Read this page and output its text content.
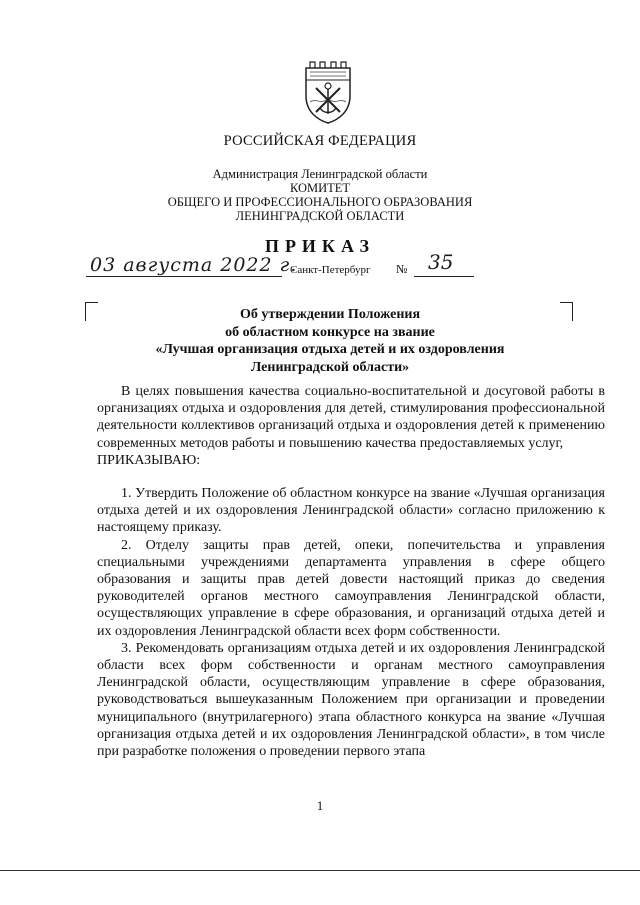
РОССИЙСКАЯ ФЕДЕРАЦИЯ
Администрация Ленинградской области
КОМИТЕТ
ОБЩЕГО И ПРОФЕССИОНАЛЬНОГО ОБРАЗОВАНИЯ
ЛЕНИНГРАДСКОЙ ОБЛАСТИ
ПРИКАЗ
03 августа 2022 г.
Санкт-Петербург № 35
Об утверждении Положения
об областном конкурсе на звание
«Лучшая организация отдыха детей и их оздоровления
Ленинградской области»

В целях повышения качества социально-воспитательной и досуговой работы в организациях отдыха и оздоровления для детей, стимулирования профессиональной деятельности коллективов организаций отдыха и оздоровления детей к применению современных методов работы и повышению качества предоставляемых услуг,

ПРИКАЗЫВАЮ:

1. Утвердить Положение об областном конкурсе на звание «Лучшая организация отдыха детей и их оздоровления Ленинградской области» согласно приложению к настоящему приказу.

2. Отделу защиты прав детей, опеки, попечительства и управления специальными учреждениями департамента управления в сфере общего образования и защиты прав детей довести настоящий приказ до сведения руководителей органов местного самоуправления Ленинградской области, осуществляющих управление в сфере образования, и организаций отдыха детей и их оздоровления Ленинградской области всех форм собственности.

3. Рекомендовать организациям отдыха детей и их оздоровления Ленинградской области всех форм собственности и органам местного самоуправления Ленинградской области, осуществляющим управление в сфере образования, руководствоваться вышеуказанным Положением при организации и проведении муниципального (внутрилагерного) этапа областного конкурса на звание «Лучшая организация отдыха детей и их оздоровления Ленинградской области», в том числе при разработке положения о проведении первого этапа

1
